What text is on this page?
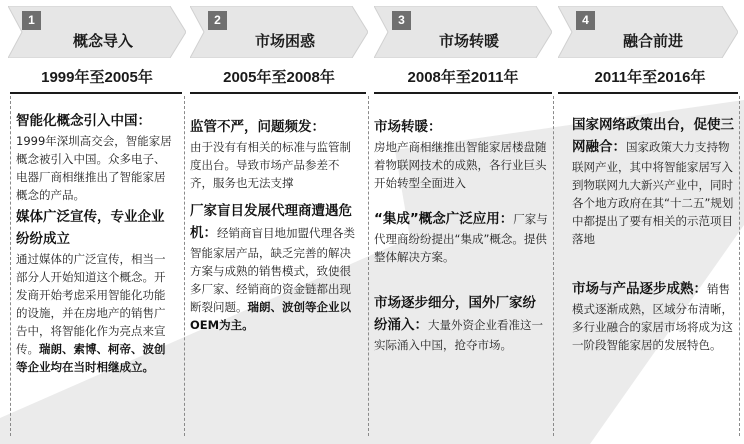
1
概念导入
2
市场困惑
3
市场转暖
4
融合前进
1999年至2005年	2005年至2008年	2008年至2011年	2011年至2016年
智能化概念引入中国：
1999年深圳高交会，智能家居概念被引入中国。众多电子、电器厂商相继推出了智能家居概念的产品。
媒体广泛宣传，专业企业纷纷成立
通过媒体的广泛宣传，相当一部分人开始知道这个概念。开发商开始考虑采用智能化功能的设施，并在房地产的销售广告中，将智能化作为亮点来宣传。瑞朗、索博、柯帝、波创等企业均在当时相继成立。
监管不严，问题频发：
由于没有有相关的标准与监管制度出台。导致市场产品参差不齐，服务也无法支撑
厂家盲目发展代理商遭遇危机：经销商盲目地加盟代理各类智能家居产品，缺乏完善的解决方案与成熟的销售模式，致使很多厂家、经销商的资金链都出现断裂问题。瑞朗、波创等企业以OEM为主。
市场转暖：
房地产商相继推出智能家居楼盘随着物联网技术的成熟，各行业巨头开始转型全面进入
“集成”概念广泛应用：厂家与代理商纷纷提出“集成”概念。提供整体解决方案。
市场逐步细分，国外厂家纷纷涌入：大量外资企业看准这一实际涌入中国，抢夺市场。
国家网络政策出台，促使三网融合：国家政策大力支持物联网产业，其中将智能家居写入到物联网九大新兴产业中，同时各个地方政府在其“十二五”规划中都提出了要有相关的示范项目落地
市场与产品逐步成熟：销售模式逐渐成熟，区域分布清晰，多行业融合的家居市场将成为这一阶段智能家居的发展特色。
